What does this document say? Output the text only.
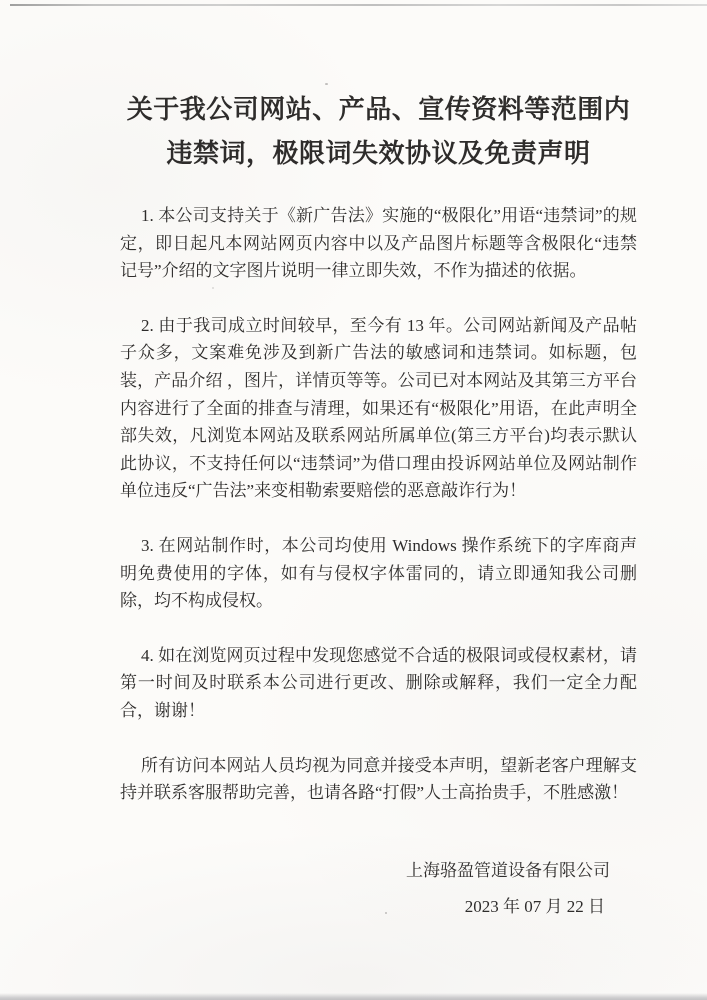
关于我公司网站、产品、宣传资料等范围内
违禁词，极限词失效协议及免责声明

1. 本公司支持关于《新广告法》实施的“极限化”用语“违禁词”的规定，即日起凡本网站网页内容中以及产品图片标题等含极限化“违禁记号”介绍的文字图片说明一律立即失效，不作为描述的依据。

2. 由于我司成立时间较早，至今有 13 年。公司网站新闻及产品帖子众多，文案难免涉及到新广告法的敏感词和违禁词。如标题，包装，产品介绍 ，图片，详情页等等。公司已对本网站及其第三方平台内容进行了全面的排查与清理，如果还有“极限化”用语，在此声明全部失效，凡浏览本网站及联系网站所属单位(第三方平台)均表示默认此协议，不支持任何以“违禁词”为借口理由投诉网站单位及网站制作单位违反“广告法”来变相勒索要赔偿的恶意敲诈行为！

3. 在网站制作时，本公司均使用 Windows 操作系统下的字库商声明免费使用的字体，如有与侵权字体雷同的，请立即通知我公司删除，均不构成侵权。

4. 如在浏览网页过程中发现您感觉不合适的极限词或侵权素材，请第一时间及时联系本公司进行更改、删除或解释，我们一定全力配合，谢谢！

所有访问本网站人员均视为同意并接受本声明，望新老客户理解支持并联系客服帮助完善，也请各路“打假”人士高抬贵手，不胜感激！

上海骆盈管道设备有限公司
2023 年 07 月 22 日
